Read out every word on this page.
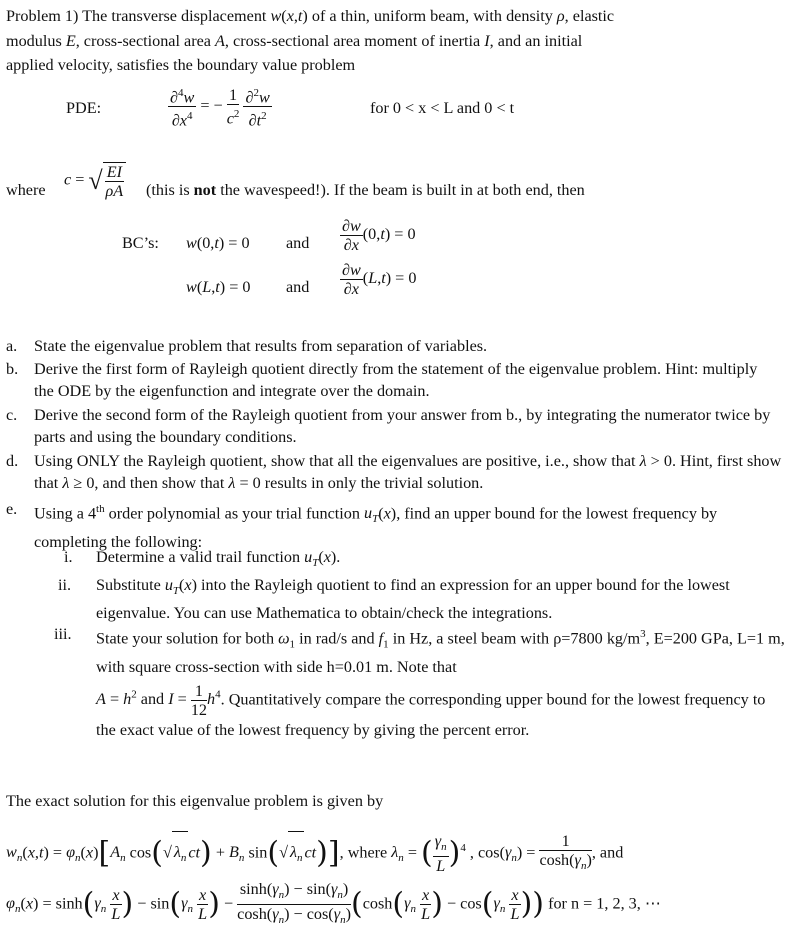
Problem 1) The transverse displacement w(x,t) of a thin, uniform beam, with density ρ, elastic
modulus E, cross-sectional area A, cross-sectional area moment of inertia I, and an initial
applied velocity, satisfies the boundary value problem
PDE:	$\frac{\partial^4w}{\partial x^4}$ = − $\frac{1}{c^2}$
$\frac{\partial^2w}{\partial t^2}$	for 0 < x < L and 0 < t
where
c = √ $\frac{EI}{\rho A}$ (this is not the wavespeed!). If the beam is built in at both end, then
BC’s: w(0,t) = 0 and $\frac{\partial w}{\partial x} (0,t) = 0$
w(L,t) = 0 and $\frac{\partial w}{\partial x} (L,t) = 0$
a.	State the eigenvalue problem that results from separation of variables.
b. Derive the first form of Rayleigh quotient directly from the statement of the eigenvalue problem. Hint: multiply the ODE by the eigenfunction and integrate over the domain.
c.	Derive the second form of the Rayleigh quotient from your answer from b., by integrating the numerator twice by parts and using the boundary conditions.
d. Using ONLY the Rayleigh quotient, show that all the eigenvalues are positive, i.e., show that λ > 0. Hint, first show that λ ≥ 0, and then show that λ = 0 results in only the trivial solution.
e.	Using a 4th order polynomial as your trial function $u_T(x)$, find an upper bound for the lowest frequency by completing the following:
i. Determine a valid trail function $u_T(x)$.
ii. Substitute $u_T(x)$ into the Rayleigh quotient to find an expression for an upper bound for the lowest eigenvalue. You can use Mathematica to obtain/check the integrations.
iii. State your solution for both $\omega_1$ in rad/s and $f_1$ in Hz, a steel beam with ρ=7800 $kg/m^3$, E=200 GPa, L=1 m, with square cross-section with side h=0.01 m. Note that
$A = h^2$ and $I = \frac{1}{12} h^4$. Quantitatively compare the corresponding upper bound for the lowest frequency to the exact value of the lowest frequency by giving the percent error.
The exact solution for this eigenvalue problem is given by
$w_n(x,t) = \varphi_n(x)[A_n$ cos(√ $\lambda_n$ $ct) + B_n$ sin(√ $\lambda_n$ ct)], where $\lambda_n$ = ( $\frac{\gamma_n}{L} )^4$ , $\cos(\gamma_n) = \frac{1}{\cosh(\gamma_n)}$ , and
$\varphi_n(x) = \sinh(\gamma_n \frac{x}{L}$ ) − $\sin(\gamma_n \frac{x}{L}$ ) − $\frac{\sinh(\gamma_n) - \sin(\gamma_n)}{\cosh(\gamma_n) - \cos(\gamma_n)} (\cosh(\gamma_n \frac{x}{L}$ ) − $\cos(\gamma_n \frac{x}{L}$ )) for n = 1, 2, 3, ⋯
